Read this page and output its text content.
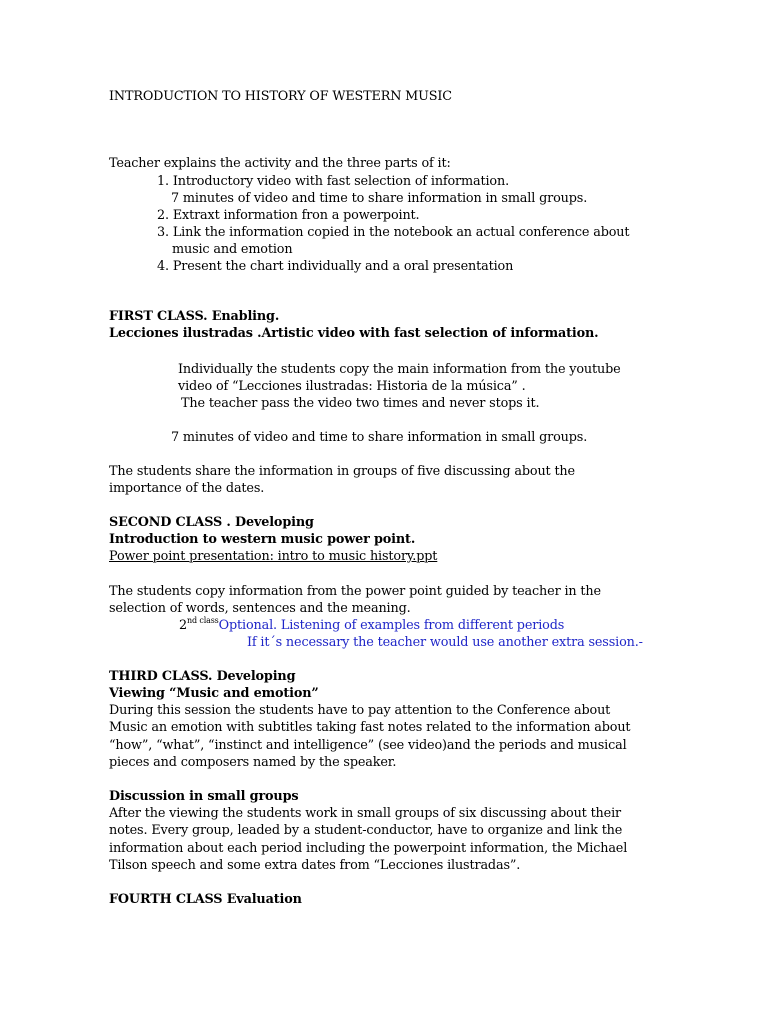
INTRODUCTION TO HISTORY OF WESTERN MUSIC
Teacher explains the activity and the three parts of it:
1. Introductory video with fast selection of information.
7 minutes of video and time to share information in small groups.
2. Extraxt information fron a powerpoint.
3. Link the information copied in the notebook an actual conference about
music and emotion
4. Present the chart individually and a oral presentation
FIRST CLASS. Enabling.
Lecciones ilustradas .Artistic video with fast selection of information.
Individually the students copy the main information from the youtube
video of “Lecciones ilustradas: Historia de la música” .
The teacher pass the video two times and never stops it.
7 minutes of video and time to share information in small groups.
The students share the information in groups of five discussing about the
importance of the dates.
SECOND CLASS . Developing
Introduction to western music power point.
Power point presentation: intro to music history.ppt
The students copy information from the power point guided by teacher in the
selection of words, sentences and the meaning.
$2^{nd class}Optional$. Listening of examples from different periods
If it´s necessary the teacher would use another extra session.-
THIRD CLASS. Developing
Viewing “Music and emotion”
During this session the students have to pay attention to the Conference about
Music an emotion with subtitles taking fast notes related to the information about
“how”, “what”, “instinct and intelligence” (see video)and the periods and musical
pieces and composers named by the speaker.
Discussion in small groups
After the viewing the students work in small groups of six discussing about their
notes. Every group, leaded by a student-conductor, have to organize and link the
information about each period including the powerpoint information, the Michael
Tilson speech and some extra dates from “Lecciones ilustradas”.
FOURTH CLASS Evaluation
